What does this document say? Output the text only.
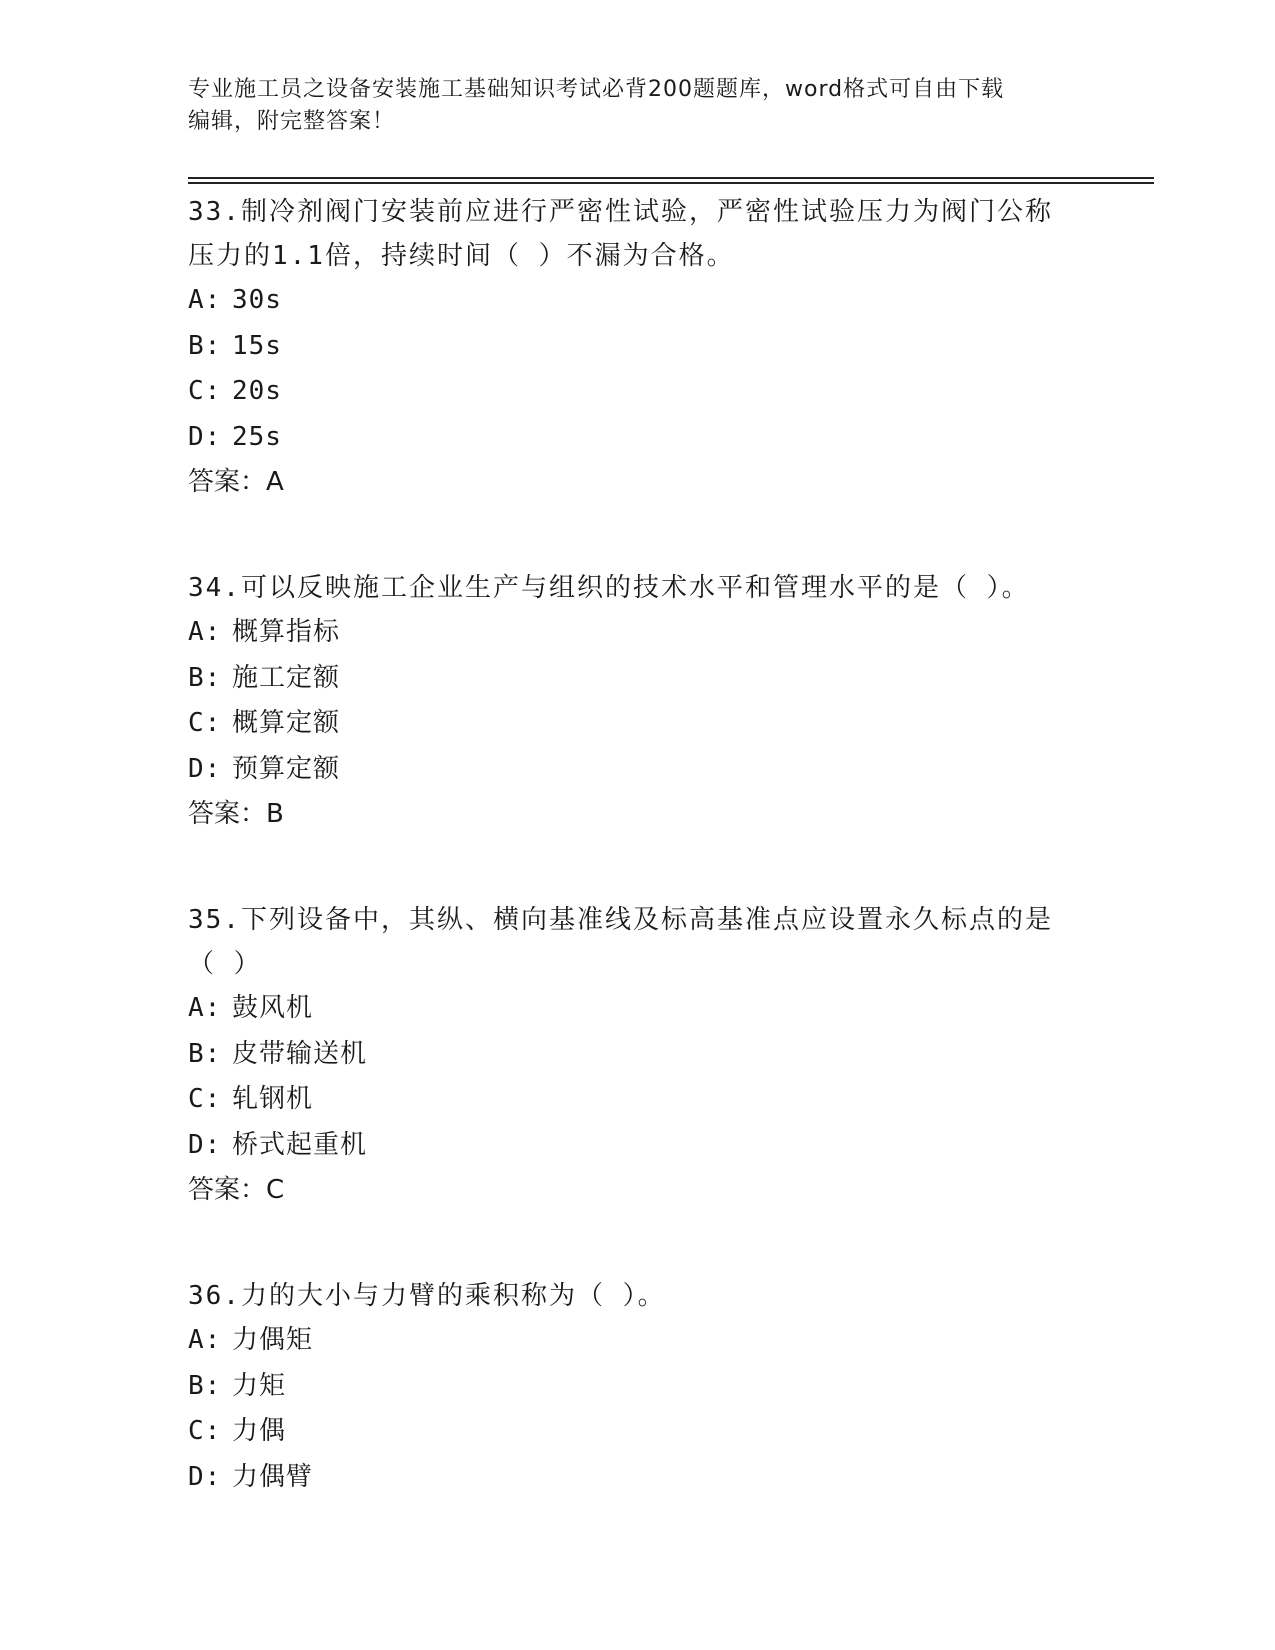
专业施工员之设备安装施工基础知识考试必背200题题库，word格式可自由下载
编辑，附完整答案！

33.制冷剂阀门安装前应进行严密性试验，严密性试验压力为阀门公称

压力的1.1倍，持续时间（ ）不漏为合格。

A: 30s

B: 15s

C: 20s

D: 25s

答案：A

34.可以反映施工企业生产与组织的技术水平和管理水平的是（ ）。

A: 概算指标

B: 施工定额

C: 概算定额

D: 预算定额

答案：B

35.下列设备中，其纵、横向基准线及标高基准点应设置永久标点的是

（ ）

A: 鼓风机

B: 皮带输送机

C: 轧钢机

D: 桥式起重机

答案：C

36.力的大小与力臂的乘积称为（ ）。

A: 力偶矩

B: 力矩

C: 力偶

D: 力偶臂
